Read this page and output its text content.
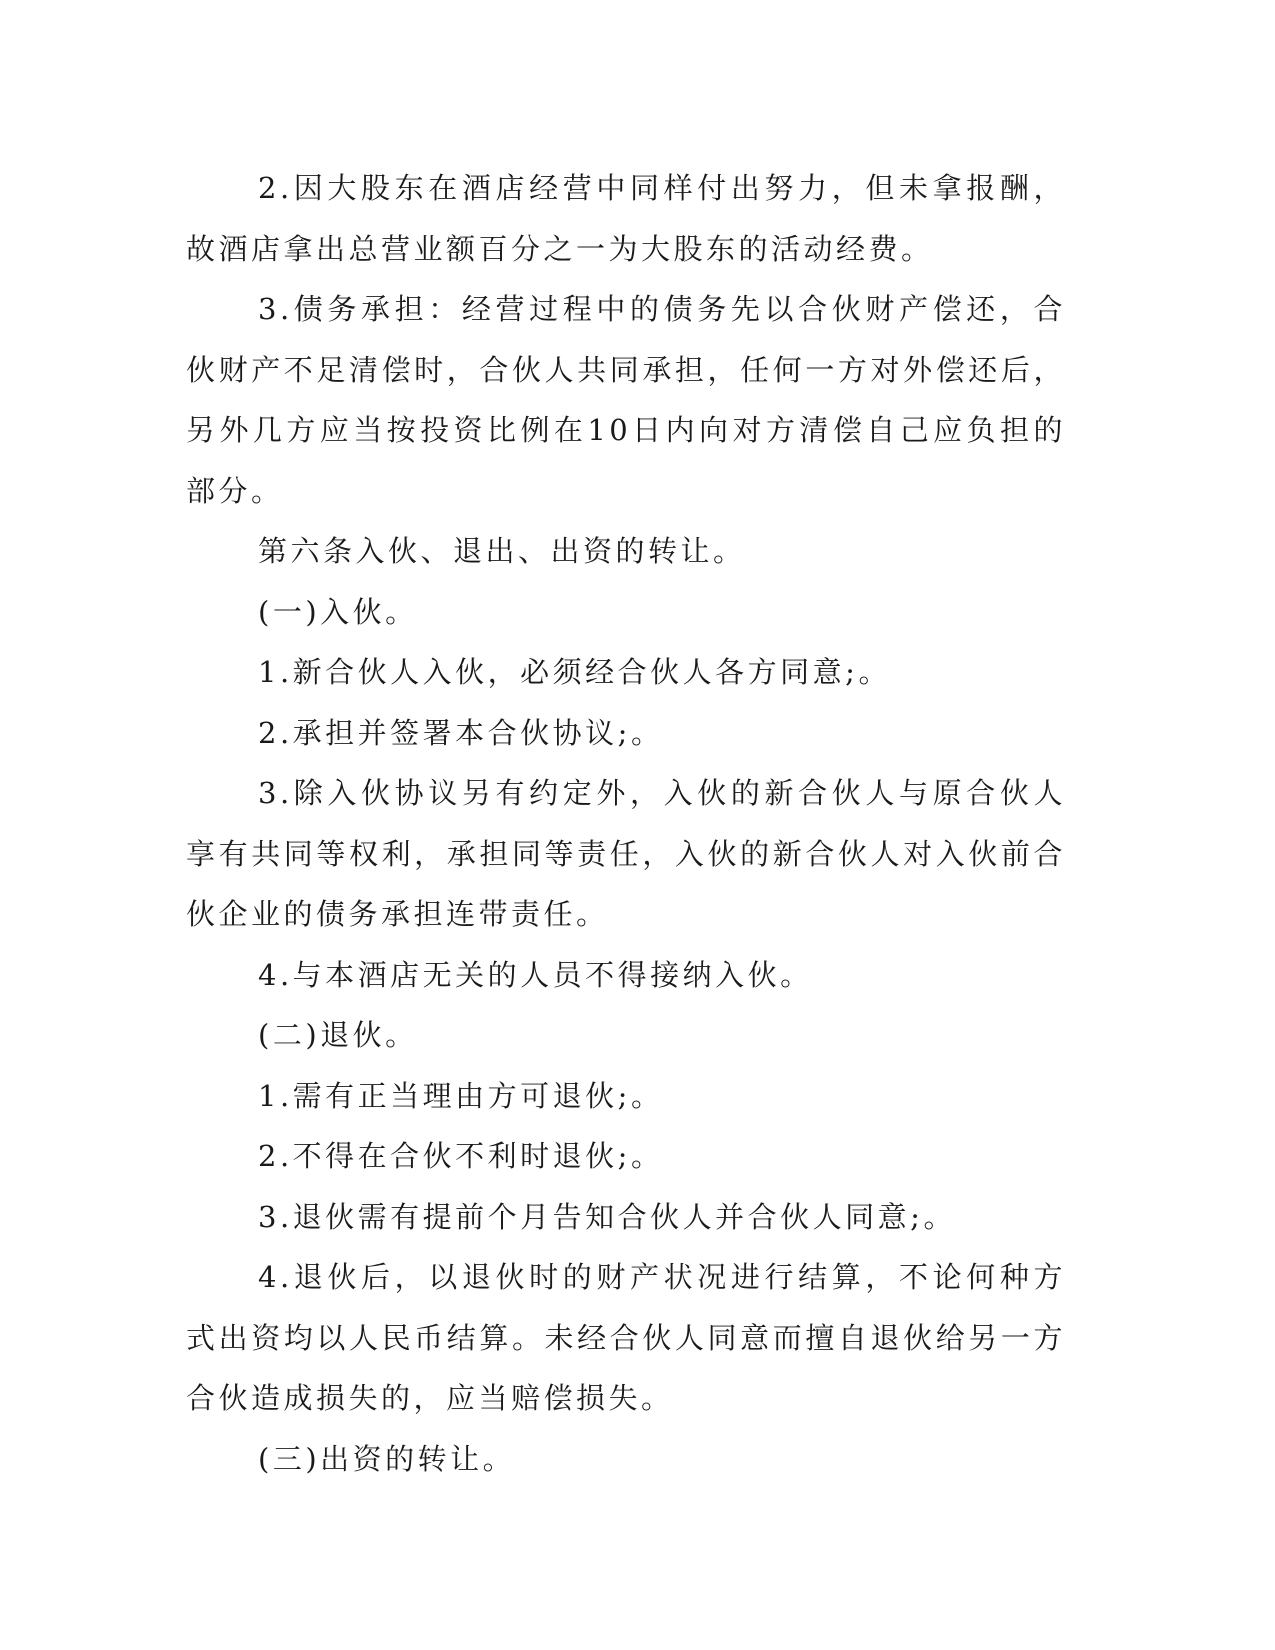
2.因大股东在酒店经营中同样付出努力，但未拿报酬，故酒店拿出总营业额百分之一为大股东的活动经费。

3.债务承担：经营过程中的债务先以合伙财产偿还，合伙财产不足清偿时，合伙人共同承担，任何一方对外偿还后，另外几方应当按投资比例在10日内向对方清偿自己应负担的部分。

第六条入伙、退出、出资的转让。

(一)入伙。

1.新合伙人入伙，必须经合伙人各方同意;。

2.承担并签署本合伙协议;。

3.除入伙协议另有约定外，入伙的新合伙人与原合伙人享有共同等权利，承担同等责任，入伙的新合伙人对入伙前合伙企业的债务承担连带责任。

4.与本酒店无关的人员不得接纳入伙。

(二)退伙。

1.需有正当理由方可退伙;。

2.不得在合伙不利时退伙;。

3.退伙需有提前个月告知合伙人并合伙人同意;。

4.退伙后，以退伙时的财产状况进行结算，不论何种方式出资均以人民币结算。未经合伙人同意而擅自退伙给另一方合伙造成损失的，应当赔偿损失。

(三)出资的转让。
